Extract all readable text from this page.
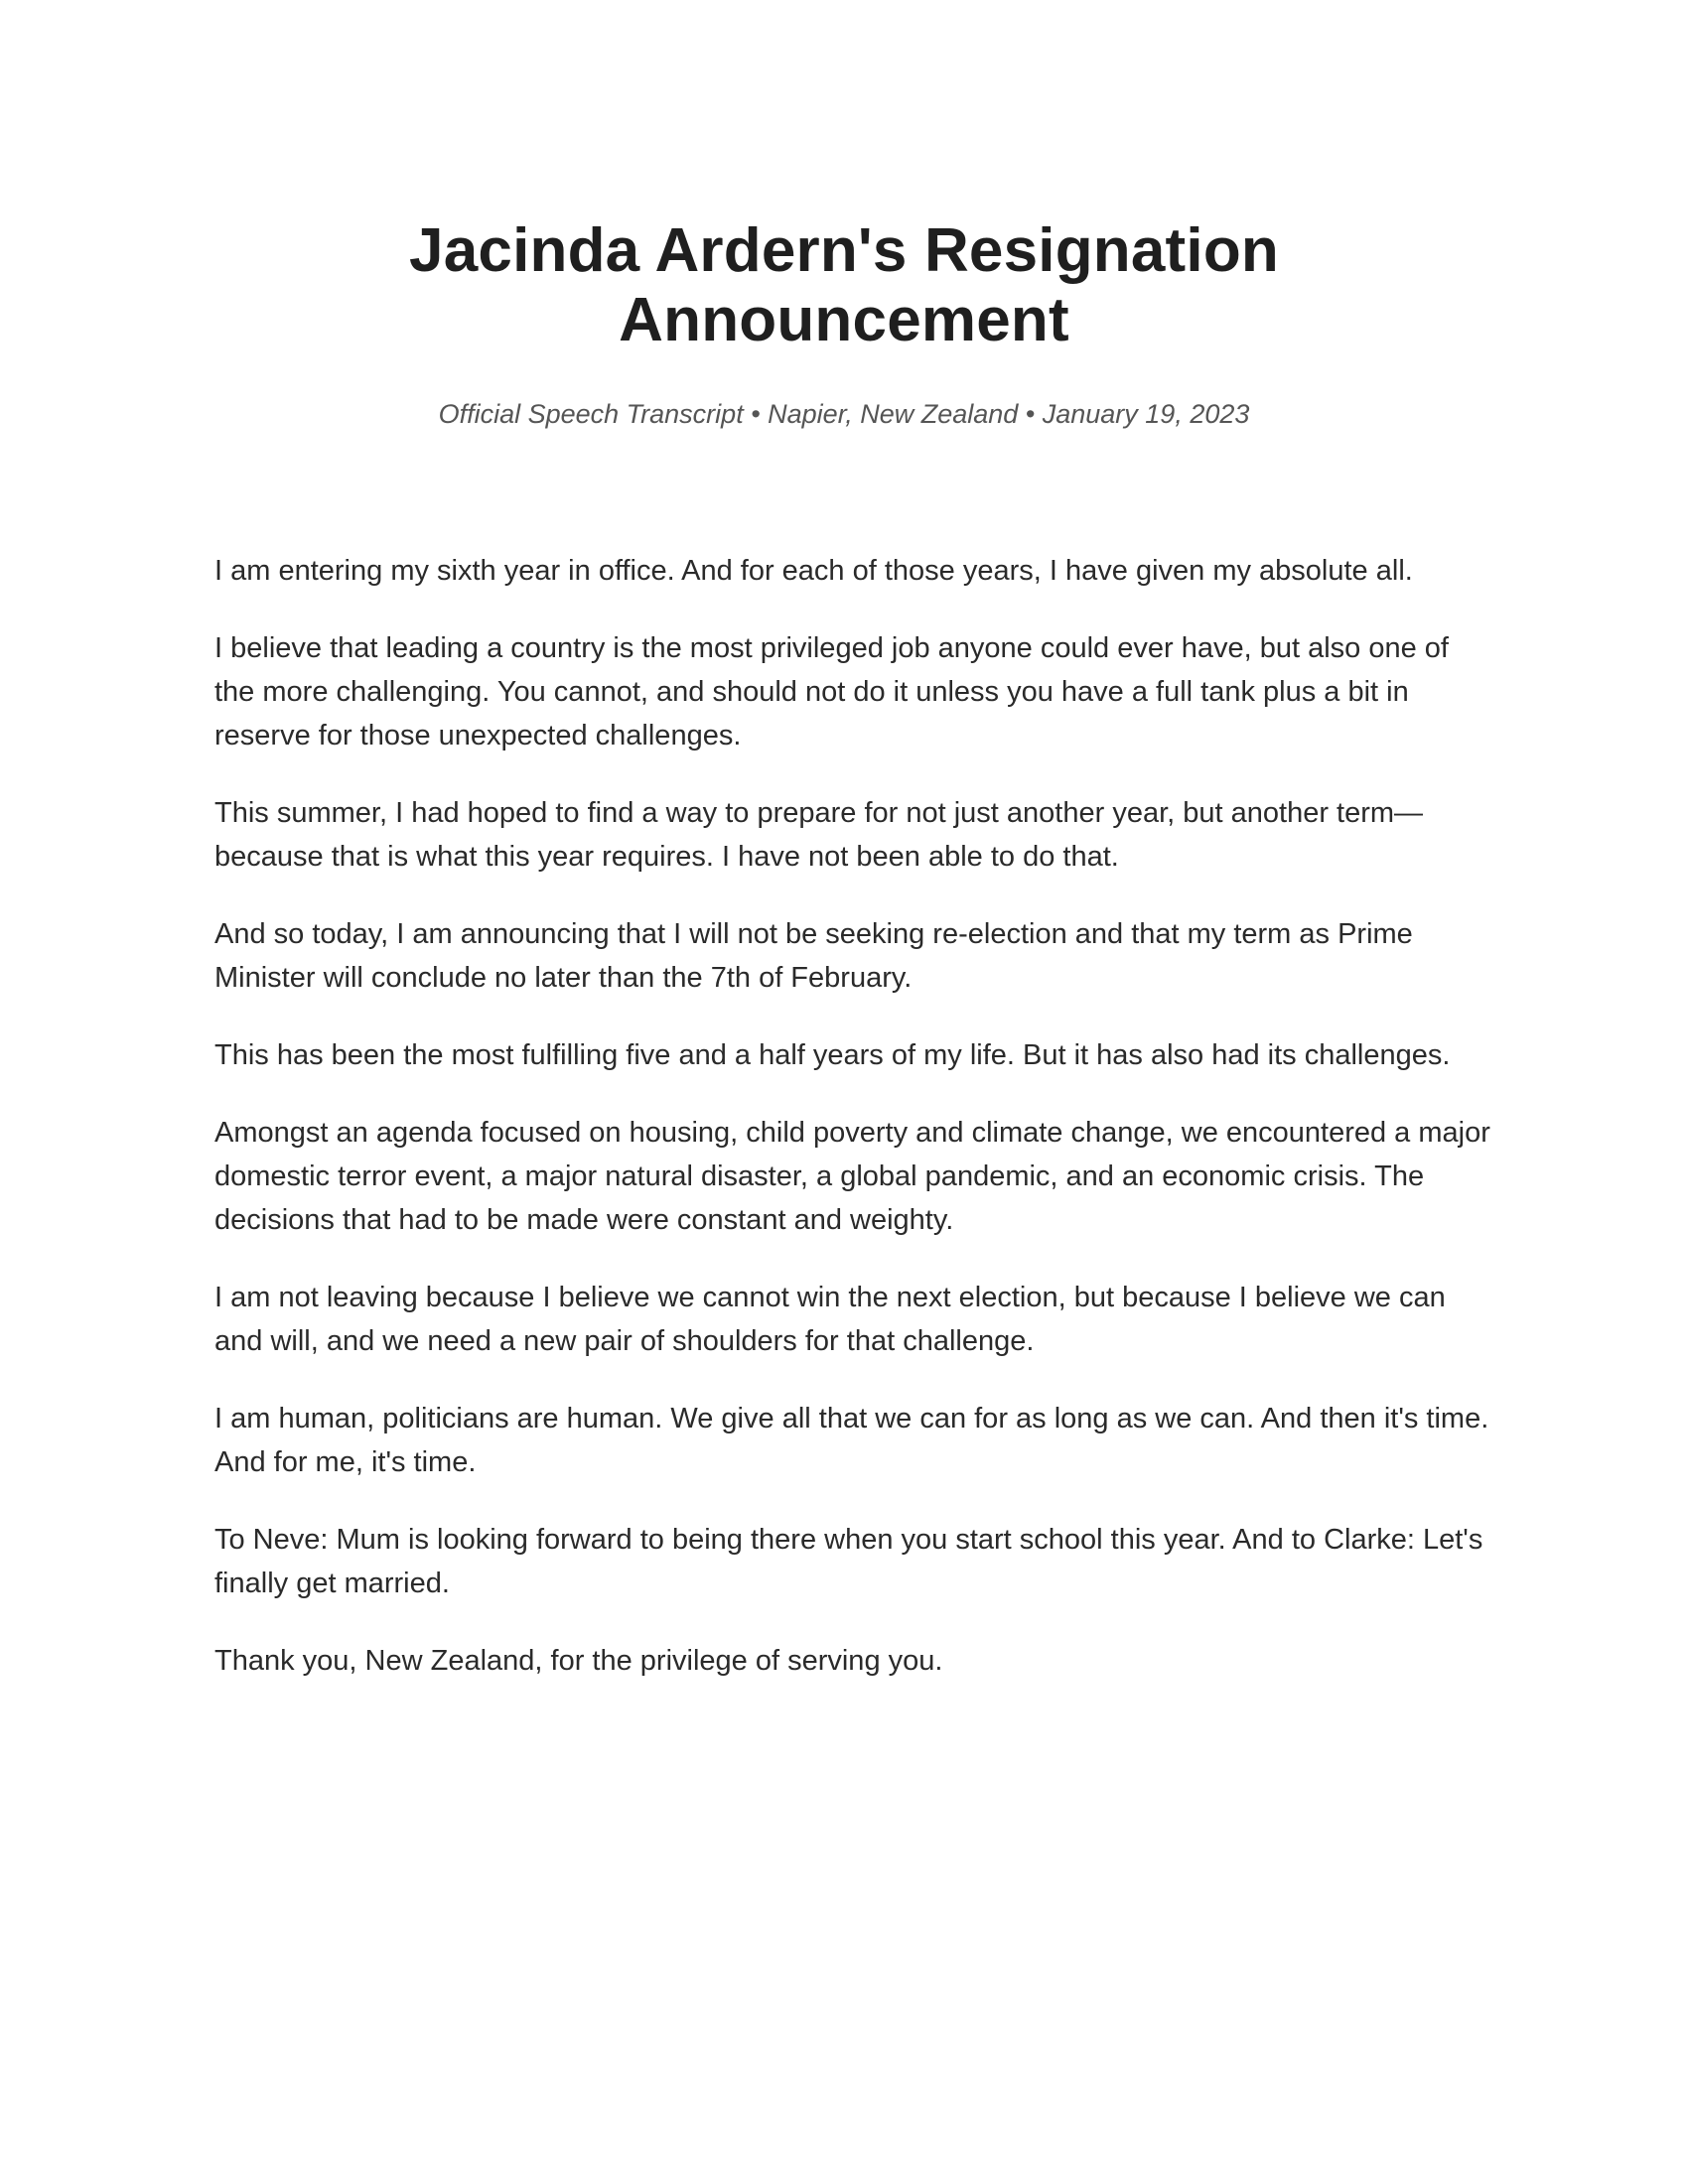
Jacinda Ardern's Resignation Announcement

Official Speech Transcript • Napier, New Zealand • January 19, 2023

I am entering my sixth year in office. And for each of those years, I have given my absolute all.

I believe that leading a country is the most privileged job anyone could ever have, but also one of the more challenging. You cannot, and should not do it unless you have a full tank plus a bit in reserve for those unexpected challenges.

This summer, I had hoped to find a way to prepare for not just another year, but another term—because that is what this year requires. I have not been able to do that.

And so today, I am announcing that I will not be seeking re-election and that my term as Prime Minister will conclude no later than the 7th of February.

This has been the most fulfilling five and a half years of my life. But it has also had its challenges.

Amongst an agenda focused on housing, child poverty and climate change, we encountered a major domestic terror event, a major natural disaster, a global pandemic, and an economic crisis. The decisions that had to be made were constant and weighty.

I am not leaving because I believe we cannot win the next election, but because I believe we can and will, and we need a new pair of shoulders for that challenge.

I am human, politicians are human. We give all that we can for as long as we can. And then it's time. And for me, it's time.

To Neve: Mum is looking forward to being there when you start school this year. And to Clarke: Let's finally get married.

Thank you, New Zealand, for the privilege of serving you.
